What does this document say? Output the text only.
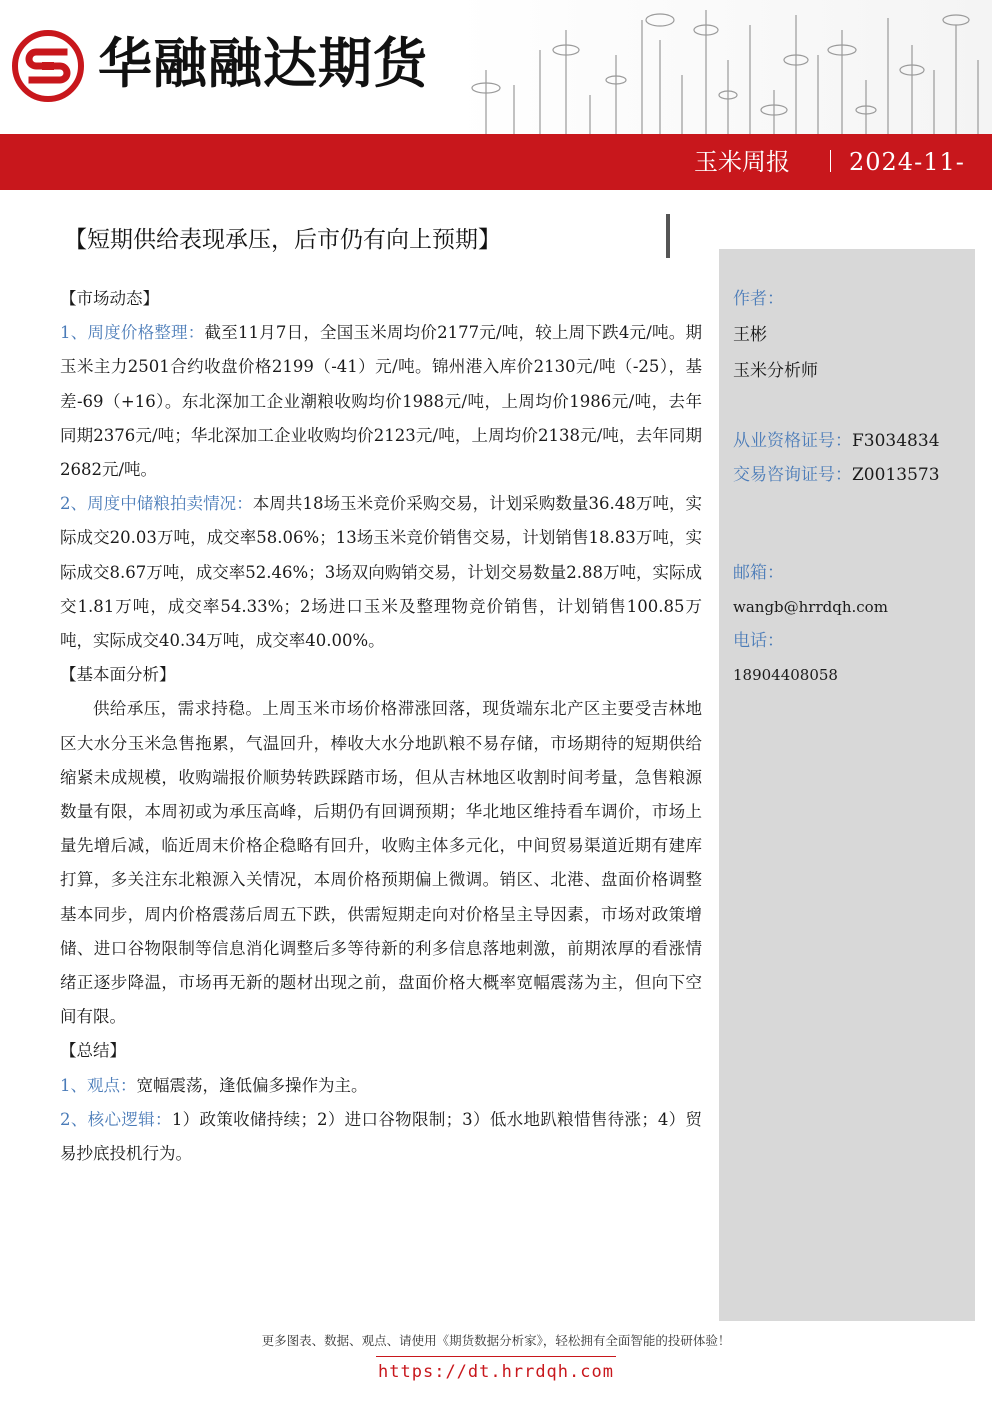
华融融达期货
玉米周报 2024-11-11
【短期供给表现承压，后市仍有向上预期】

【市场动态】

1、周度价格整理：截至11月7日，全国玉米周均价2177元/吨，较上周下跌4元/吨。期玉米主力2501合约收盘价格2199（-41）元/吨。锦州港入库价2130元/吨（-25），基差-69（+16）。东北深加工企业潮粮收购均价1988元/吨，上周均价1986元/吨，去年同期2376元/吨；华北深加工企业收购均价2123元/吨，上周均价2138元/吨，去年同期2682元/吨。

2、周度中储粮拍卖情况：本周共18场玉米竞价采购交易，计划采购数量36.48万吨，实际成交20.03万吨，成交率58.06%；13场玉米竞价销售交易，计划销售18.83万吨，实际成交8.67万吨，成交率52.46%；3场双向购销交易，计划交易数量2.88万吨，实际成交1.81万吨，成交率54.33%；2场进口玉米及整理物竞价销售，计划销售100.85万吨，实际成交40.34万吨，成交率40.00%。

【基本面分析】

供给承压，需求持稳。上周玉米市场价格滞涨回落，现货端东北产区主要受吉林地区大水分玉米急售拖累，气温回升，棒收大水分地趴粮不易存储，市场期待的短期供给缩紧未成规模，收购端报价顺势转跌踩踏市场，但从吉林地区收割时间考量，急售粮源数量有限，本周初或为承压高峰，后期仍有回调预期；华北地区维持看车调价，市场上量先增后减，临近周末价格企稳略有回升，收购主体多元化，中间贸易渠道近期有建库打算，多关注东北粮源入关情况，本周价格预期偏上微调。销区、北港、盘面价格调整基本同步，周内价格震荡后周五下跌，供需短期走向对价格呈主导因素，市场对政策增储、进口谷物限制等信息消化调整后多等待新的利多信息落地刺激，前期浓厚的看涨情绪正逐步降温，市场再无新的题材出现之前，盘面价格大概率宽幅震荡为主，但向下空间有限。

【总结】

1、观点：宽幅震荡，逢低偏多操作为主。

2、核心逻辑：1）政策收储持续；2）进口谷物限制；3）低水地趴粮惜售待涨；4）贸易抄底投机行为。

作者：
王彬
玉米分析师
从业资格证号：F3034834
交易咨询证号：Z0013573
邮箱：
wangb@hrrdqh.com
电话：
18904408058
更多图表、数据、观点、请使用《期货数据分析家》，轻松拥有全面智能的投研体验！
https://dt.hrrdqh.com
